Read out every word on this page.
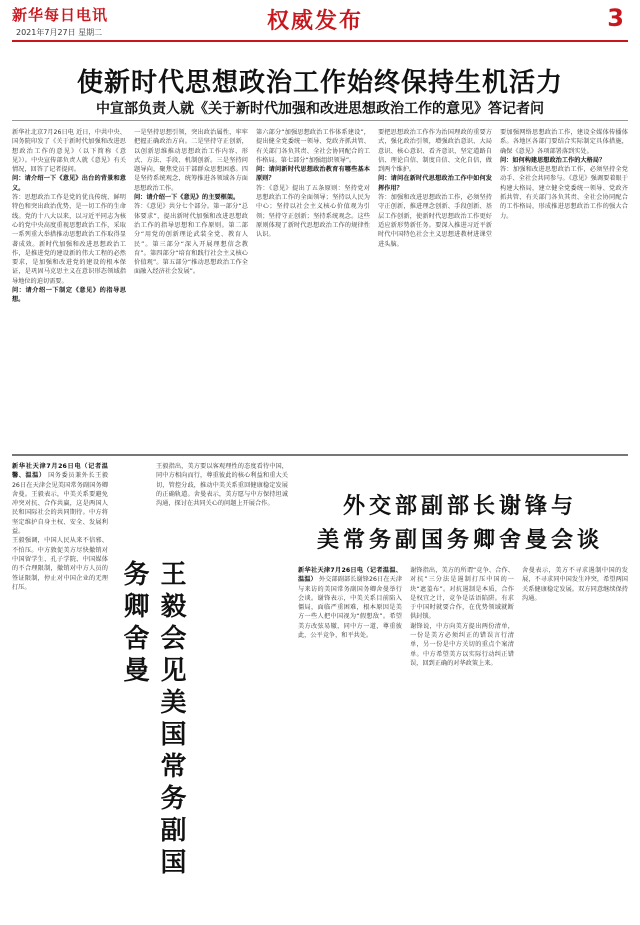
新华每日电讯
2021年7月27日 星期二	权威发布	3
使新时代思想政治工作始终保持生机活力
中宣部负责人就《关于新时代加强和改进思想政治工作的意见》答记者问
新华社北京7月26日电 近日，中共中央、国务院印发了《关于新时代加强和改进思想政治工作的意见》（以下简称《意见》）。中央宣传部负责人就《意见》有关情况，回答了记者提问。
问：请介绍一下《意见》出台的背景和意义。
答：思想政治工作是党的优良传统、鲜明特色和突出政治优势，是一切工作的生命线。党的十八大以来，以习近平同志为核心的党中央高度重视思想政治工作，采取一系列重大举措推动思想政治工作取得显著成效。新时代加强和改进思想政治工作，是推进党的建设新的伟大工程的必然要求，是加强和改进党的建设的根本保证，是巩固马克思主义在意识形态领域指导地位的迫切需要。
问：请介绍一下制定《意见》的指导思想。
一是坚持思想引领，突出政治属性，牢牢把握正确政治方向。二是坚持守正创新，以创新思维推动思想政治工作内容、形式、方法、手段、机制创新。三是坚持问题导向，聚焦党员干部群众思想困惑。四是坚持系统观念，统筹推进各领域各方面思想政治工作。
问：请介绍一下《意见》的主要框架。
答：《意见》共分七个部分。第一部分“总体要求”，提出新时代加强和改进思想政治工作的指导思想和工作原则。第二部分“用党的创新理论武装全党、教育人民”。第三部分“深入开展理想信念教育”。第四部分“培育和践行社会主义核心价值观”。第五部分“推动思想政治工作全面融入经济社会发展”。
第六部分“加强思想政治工作体系建设”，提出健全党委统一领导、党政齐抓共管、有关部门各负其责、全社会协同配合的工作格局。第七部分“加强组织领导”。
问：请问新时代思想政治教育有哪些基本原则？
答：《意见》提出了五条原则：坚持党对思想政治工作的全面领导；坚持以人民为中心；坚持以社会主义核心价值观为引领；坚持守正创新；坚持系统观念。这些原则体现了新时代思想政治工作的规律性认识。
要把思想政治工作作为治国理政的重要方式，强化政治引领，增强政治意识、大局意识、核心意识、看齐意识，坚定道路自信、理论自信、制度自信、文化自信，做到两个维护。
问：请问在新时代思想政治工作中如何发挥作用？
答：加强和改进思想政治工作，必须坚持守正创新，推进理念创新、手段创新、基层工作创新，使新时代思想政治工作更好适应新形势新任务。要深入推进习近平新时代中国特色社会主义思想进教材进课堂进头脑。
要加强网络思想政治工作，建设全媒体传播体系。各地区各部门要结合实际制定具体措施，确保《意见》各项部署落到实处。
问：如何构建思想政治工作的大格局？
答：加强和改进思想政治工作，必须坚持全党动手、全社会共同参与。《意见》强调要着眼于构建大格局，建立健全党委统一领导、党政齐抓共管、有关部门各负其责、全社会协同配合的工作格局，形成推进思想政治工作的强大合力。
新华社天津7月26日电（记者温馨、温温） 国务委员兼外长王毅26日在天津会见美国常务副国务卿舍曼。王毅表示，中美关系要避免冲突对抗、合作共赢，这是两国人民和国际社会的共同期待。中方将坚定维护自身主权、安全、发展利益。
王毅强调，中国人民从来不信邪、不怕压。中方敦促美方尽快撤销对中国留学生、孔子学院、中国媒体的不合理限制，撤销对中方人员的签证限制，停止对中国企业的无理打压。	王毅会见美国常务副国务卿舍曼
王毅指出，美方要以客观理性的态度看待中国，同中方相向而行，尊重彼此的核心利益和重大关切，管控分歧，推动中美关系重回健康稳定发展的正确轨道。舍曼表示，美方愿与中方保持坦诚沟通，探讨在共同关心的问题上开展合作。	外交部副部长谢锋与
美常务副国务卿舍曼会谈
新华社天津7月26日电（记者温温、温温） 外交部副部长谢锋26日在天津与来访的美国常务副国务卿舍曼举行会谈。谢锋表示，中美关系目前陷入僵局，面临严重困难，根本原因是美方一些人把中国视为“假想敌”。希望美方改弦易辙，同中方一道，尊重彼此，公平竞争，和平共处。
谢锋指出，美方的所谓“竞争、合作、对抗”三分法是遏制打压中国的一块“遮羞布”。对抗遏制是本质，合作是权宜之计，竞争是话语陷阱。有求于中国时就要合作，在优势领域就断供封锁。
谢锋说，中方向美方提出两份清单，一份是美方必须纠正的错误言行清单，另一份是中方关切的重点个案清单。中方希望美方以实际行动纠正错误，回到正确的对华政策上来。
舍曼表示，美方不寻求遏制中国的发展，不寻求同中国发生冲突，希望两国关系健康稳定发展。双方同意继续保持沟通。
